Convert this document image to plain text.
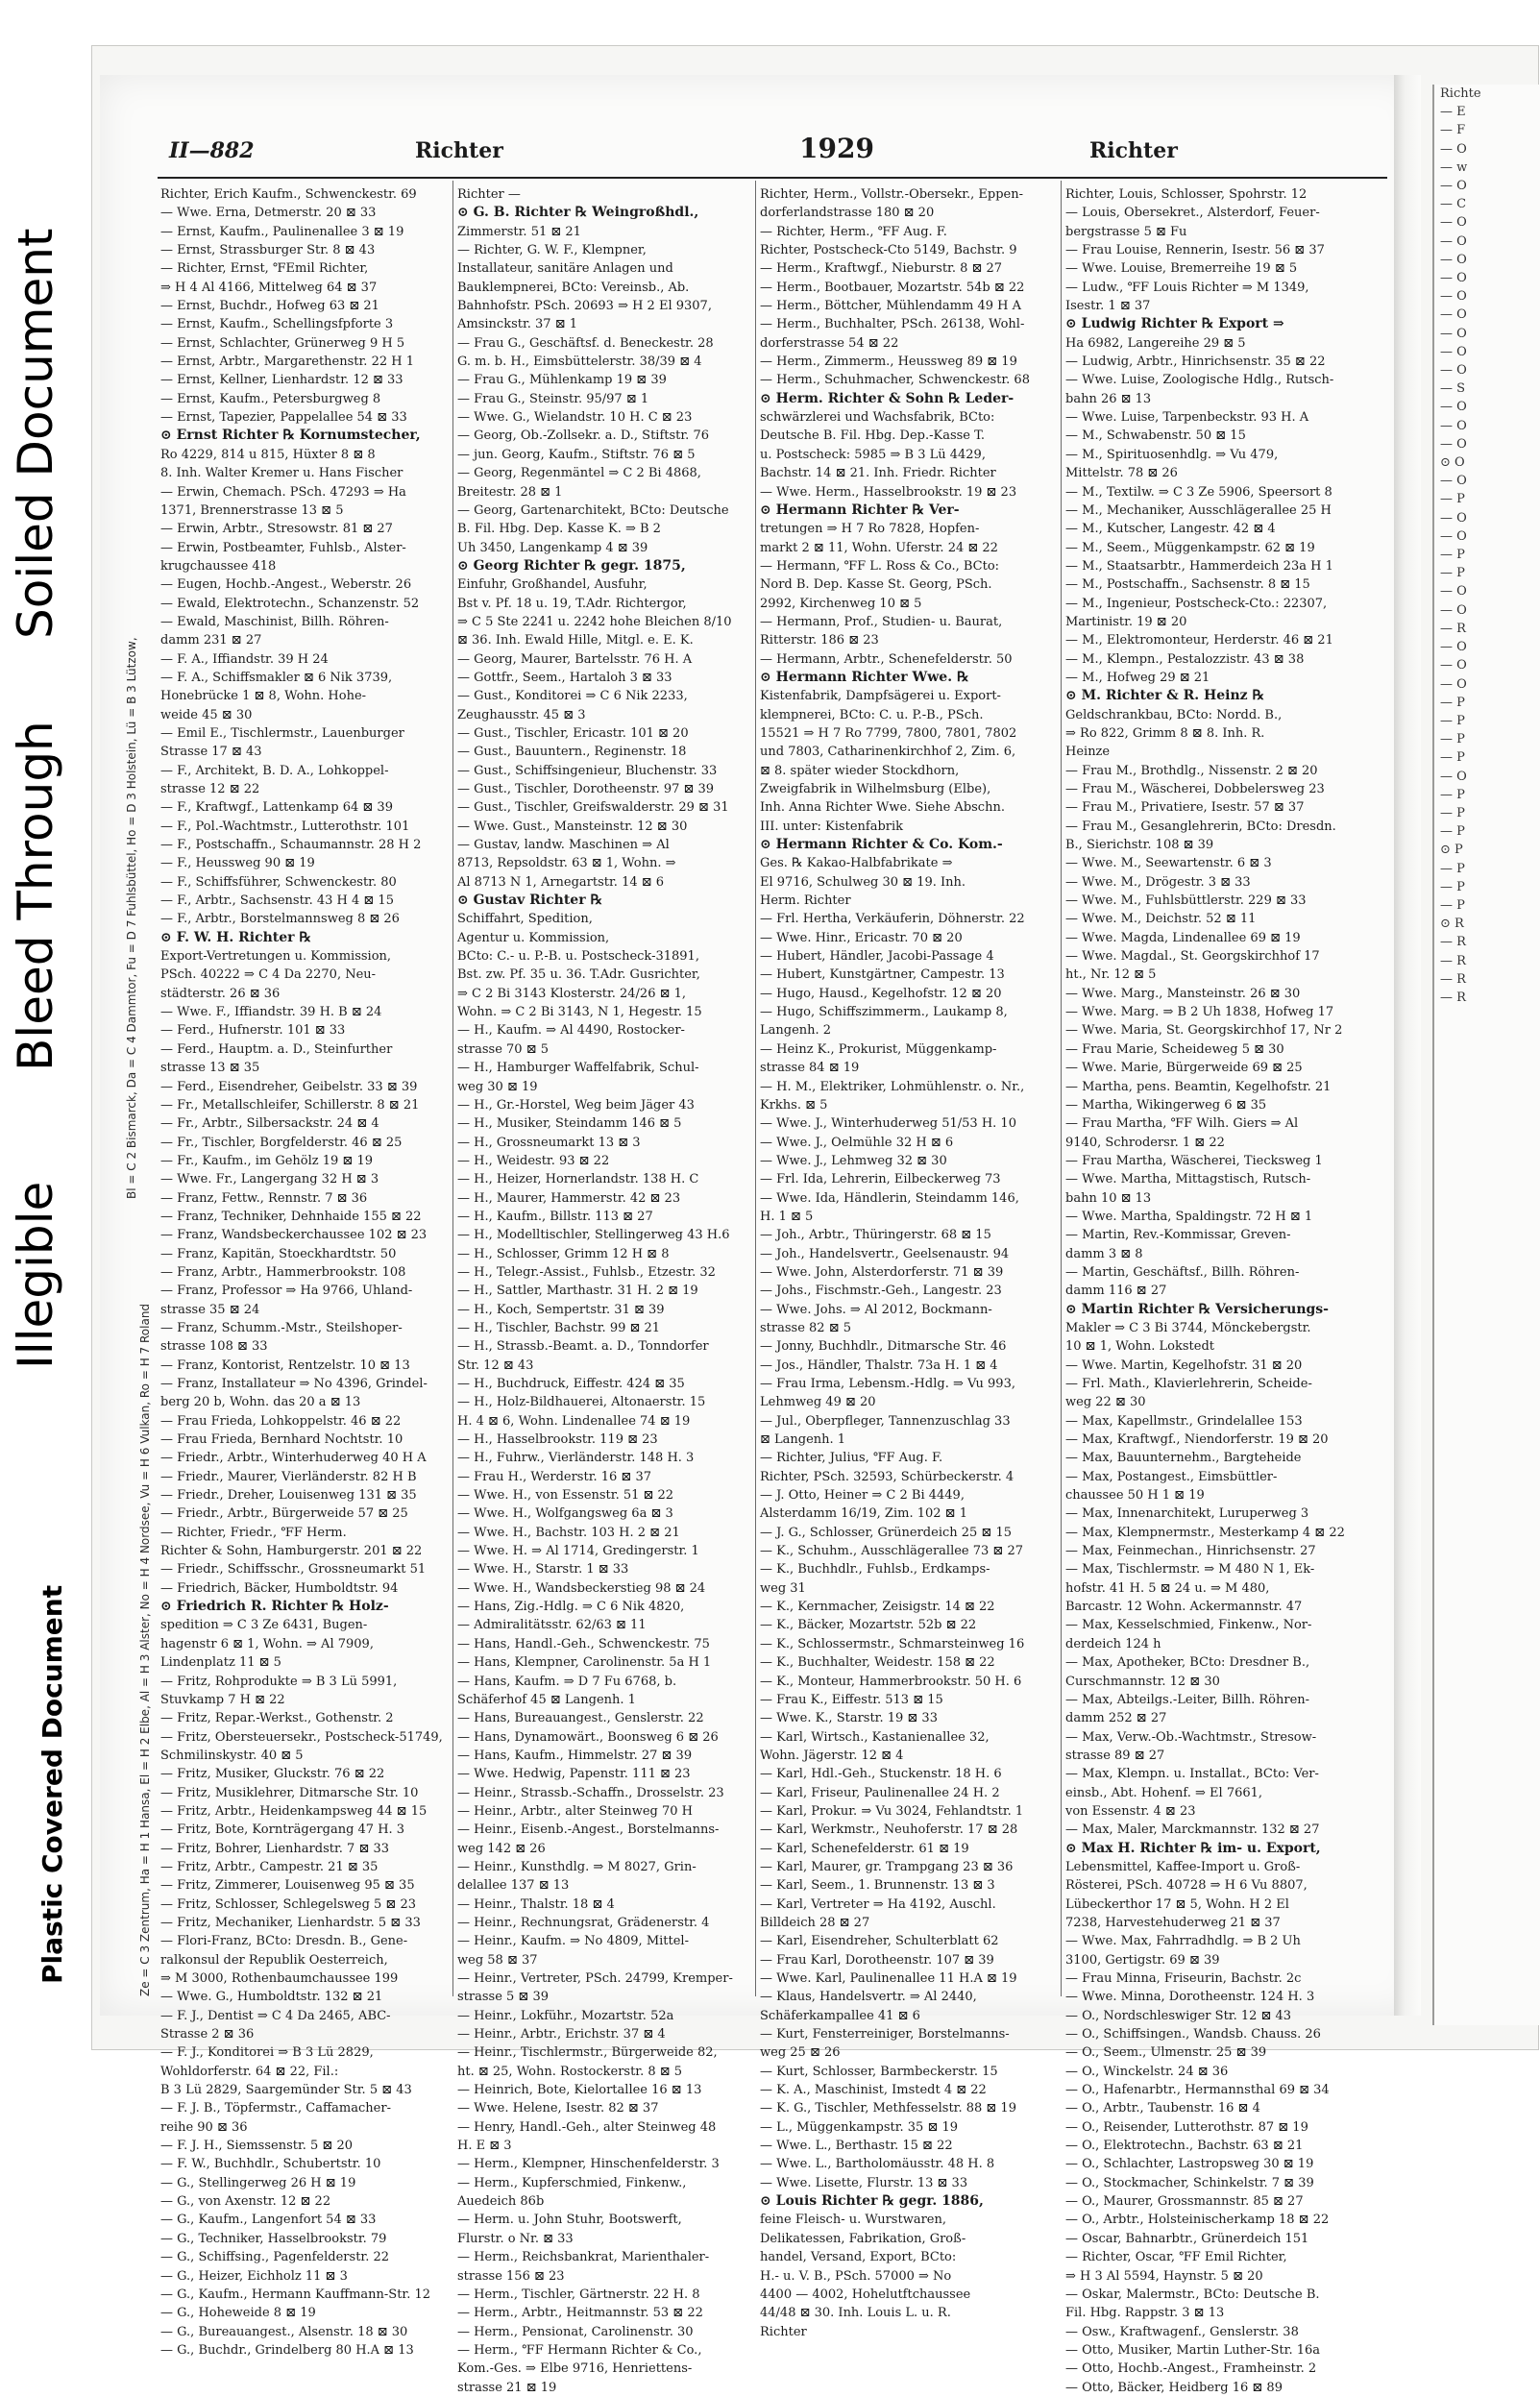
Plastic Covered Document
Illegible
Bleed Through
Soiled Document
II—882	Richter	1929	Richter
Bl = C 2 Bismarck, Da = C 4 Dammtor, Fu = D 7 Fuhlsbüttel, Ho = D 3 Holstein, Lü = B 3 Lützow,
Ze = C 3 Zentrum, Ha = H 1 Hansa, El = H 2 Elbe, Al = H 3 Alster, No = H 4 Nordsee, Vu = H 6 Vulkan, Ro = H 7 Roland
Richter, Erich Kaufm., Schwenckestr. 69
— Wwe. Erna, Detmerstr. 20 ⊠ 33
— Ernst, Kaufm., Paulinenallee 3 ⊠ 19
— Ernst, Strassburger Str. 8 ⊠ 43
— Richter, Ernst, ℉Emil Richter,
⇒ H 4 Al 4166, Mittelweg 64 ⊠ 37
— Ernst, Buchdr., Hofweg 63 ⊠ 21
— Ernst, Kaufm., Schellingsfpforte 3
— Ernst, Schlachter, Grünerweg 9 H 5
— Ernst, Arbtr., Margarethenstr. 22 H 1
— Ernst, Kellner, Lienhardstr. 12 ⊠ 33
— Ernst, Kaufm., Petersburgweg 8
— Ernst, Tapezier, Pappelallee 54 ⊠ 33
⊙ Ernst Richter ℞ Kornumstecher,
Ro 4229, 814 u 815, Hüxter 8 ⊠ 8
8. Inh. Walter Kremer u. Hans Fischer
— Erwin, Chemach. PSch. 47293 ⇒ Ha
1371, Brennerstrasse 13 ⊠ 5
— Erwin, Arbtr., Stresowstr. 81 ⊠ 27
— Erwin, Postbeamter, Fuhlsb., Alster-
krugchaussee 418
— Eugen, Hochb.-Angest., Weberstr. 26
— Ewald, Elektrotechn., Schanzenstr. 52
— Ewald, Maschinist, Billh. Röhren-
damm 231 ⊠ 27
— F. A., Iffiandstr. 39 H 24
— F. A., Schiffsmakler ⊠ 6 Nik 3739,
Honebrücke 1 ⊠ 8, Wohn. Hohe-
weide 45 ⊠ 30
— Emil E., Tischlermstr., Lauenburger
Strasse 17 ⊠ 43
— F., Architekt, B. D. A., Lohkoppel-
strasse 12 ⊠ 22
— F., Kraftwgf., Lattenkamp 64 ⊠ 39
— F., Pol.-Wachtmstr., Lutterothstr. 101
— F., Postschaffn., Schaumannstr. 28 H 2
— F., Heussweg 90 ⊠ 19
— F., Schiffsführer, Schwenckestr. 80
— F., Arbtr., Sachsenstr. 43 H 4 ⊠ 15
— F., Arbtr., Borstelmannsweg 8 ⊠ 26
⊙ F. W. H. Richter ℞
Export-Vertretungen u. Kommission,
PSch. 40222 ⇒ C 4 Da 2270, Neu-
städterstr. 26 ⊠ 36
— Wwe. F., Iffiandstr. 39 H. B ⊠ 24
— Ferd., Hufnerstr. 101 ⊠ 33
— Ferd., Hauptm. a. D., Steinfurther
strasse 13 ⊠ 35
— Ferd., Eisendreher, Geibelstr. 33 ⊠ 39
— Fr., Metallschleifer, Schillerstr. 8 ⊠ 21
— Fr., Arbtr., Silbersackstr. 24 ⊠ 4
— Fr., Tischler, Borgfelderstr. 46 ⊠ 25
— Fr., Kaufm., im Gehölz 19 ⊠ 19
— Wwe. Fr., Langergang 32 H ⊠ 3
— Franz, Fettw., Rennstr. 7 ⊠ 36
— Franz, Techniker, Dehnhaide 155 ⊠ 22
— Franz, Wandsbeckerchaussee 102 ⊠ 23
— Franz, Kapitän, Stoeckhardtstr. 50
— Franz, Arbtr., Hammerbrookstr. 108
— Franz, Professor ⇒ Ha 9766, Uhland-
strasse 35 ⊠ 24
— Franz, Schumm.-Mstr., Steilshoper-
strasse 108 ⊠ 33
— Franz, Kontorist, Rentzelstr. 10 ⊠ 13
— Franz, Installateur ⇒ No 4396, Grindel-
berg 20 b, Wohn. das 20 a ⊠ 13
— Frau Frieda, Lohkoppelstr. 46 ⊠ 22
— Frau Frieda, Bernhard Nochtstr. 10
— Friedr., Arbtr., Winterhuderweg 40 H A
— Friedr., Maurer, Vierländerstr. 82 H B
— Friedr., Dreher, Louisenweg 131 ⊠ 35
— Friedr., Arbtr., Bürgerweide 57 ⊠ 25
— Richter, Friedr., ℉F Herm.
Richter & Sohn, Hamburgerstr. 201 ⊠ 22
— Friedr., Schiffsschr., Grossneumarkt 51
— Friedrich, Bäcker, Humboldtstr. 94
⊙ Friedrich R. Richter ℞ Holz-
spedition ⇒ C 3 Ze 6431, Bugen-
hagenstr 6 ⊠ 1, Wohn. ⇒ Al 7909,
Lindenplatz 11 ⊠ 5
— Fritz, Rohprodukte ⇒ B 3 Lü 5991,
Stuvkamp 7 H ⊠ 22
— Fritz, Repar.-Werkst., Gothenstr. 2
— Fritz, Obersteuersekr., Postscheck-51749,
Schmilinskystr. 40 ⊠ 5
— Fritz, Musiker, Gluckstr. 76 ⊠ 22
— Fritz, Musiklehrer, Ditmarsche Str. 10
— Fritz, Arbtr., Heidenkampsweg 44 ⊠ 15
— Fritz, Bote, Kornträgergang 47 H. 3
— Fritz, Bohrer, Lienhardstr. 7 ⊠ 33
— Fritz, Arbtr., Campestr. 21 ⊠ 35
— Fritz, Zimmerer, Louisenweg 95 ⊠ 35
— Fritz, Schlosser, Schlegelsweg 5 ⊠ 23
— Fritz, Mechaniker, Lienhardstr. 5 ⊠ 33
— Flori-Franz, BCto: Dresdn. B., Gene-
ralkonsul der Republik Oesterreich,
⇒ M 3000, Rothenbaumchaussee 199
— Wwe. G., Humboldtstr. 132 ⊠ 21
— F. J., Dentist ⇒ C 4 Da 2465, ABC-
Strasse 2 ⊠ 36
— F. J., Konditorei ⇒ B 3 Lü 2829,
Wohldorferstr. 64 ⊠ 22, Fil.:
B 3 Lü 2829, Saargemünder Str. 5 ⊠ 43
— F. J. B., Töpfermstr., Caffamacher-
reihe 90 ⊠ 36
— F. J. H., Siemssenstr. 5 ⊠ 20
— F. W., Buchhdlr., Schubertstr. 10
— G., Stellingerweg 26 H ⊠ 19
— G., von Axenstr. 12 ⊠ 22
— G., Kaufm., Langenfort 54 ⊠ 33
— G., Techniker, Hasselbrookstr. 79
— G., Schiffsing., Pagenfelderstr. 22
— G., Heizer, Eichholz 11 ⊠ 3
— G., Kaufm., Hermann Kauffmann-Str. 12
— G., Hoheweide 8 ⊠ 19
— G., Bureauangest., Alsenstr. 18 ⊠ 30
— G., Buchdr., Grindelberg 80 H.A ⊠ 13
Richter —
⊙ G. B. Richter ℞ Weingroßhdl.,
Zimmerstr. 51 ⊠ 21
— Richter, G. W. F., Klempner,
Installateur, sanitäre Anlagen und
Bauklempnerei, BCto: Vereinsb., Ab.
Bahnhofstr. PSch. 20693 ⇒ H 2 El 9307,
Amsinckstr. 37 ⊠ 1
— Frau G., Geschäftsf. d. Beneckestr. 28
G. m. b. H., Eimsbüttelerstr. 38/39 ⊠ 4
— Frau G., Mühlenkamp 19 ⊠ 39
— Frau G., Steinstr. 95/97 ⊠ 1
— Wwe. G., Wielandstr. 10 H. C ⊠ 23
— Georg, Ob.-Zollsekr. a. D., Stiftstr. 76
— jun. Georg, Kaufm., Stiftstr. 76 ⊠ 5
— Georg, Regenmäntel ⇒ C 2 Bi 4868,
Breitestr. 28 ⊠ 1
— Georg, Gartenarchitekt, BCto: Deutsche
B. Fil. Hbg. Dep. Kasse K. ⇒ B 2
Uh 3450, Langenkamp 4 ⊠ 39
⊙ Georg Richter ℞ gegr. 1875,
Einfuhr, Großhandel, Ausfuhr,
Bst v. Pf. 18 u. 19, T.Adr. Richtergor,
⇒ C 5 Ste 2241 u. 2242 hohe Bleichen 8/10
⊠ 36. Inh. Ewald Hille, Mitgl. e. E. K.
— Georg, Maurer, Bartelsstr. 76 H. A
— Gottfr., Seem., Hartaloh 3 ⊠ 33
— Gust., Konditorei ⇒ C 6 Nik 2233,
Zeughausstr. 45 ⊠ 3
— Gust., Tischler, Ericastr. 101 ⊠ 20
— Gust., Bauuntern., Reginenstr. 18
— Gust., Schiffsingenieur, Bluchenstr. 33
— Gust., Tischler, Dorotheenstr. 97 ⊠ 39
— Gust., Tischler, Greifswalderstr. 29 ⊠ 31
— Wwe. Gust., Mansteinstr. 12 ⊠ 30
— Gustav, landw. Maschinen ⇒ Al
8713, Repsoldstr. 63 ⊠ 1, Wohn. ⇒
Al 8713 N 1, Arnegartstr. 14 ⊠ 6
⊙ Gustav Richter ℞
Schiffahrt, Spedition,
Agentur u. Kommission,
BCto: C.- u. P.-B. u. Postscheck-31891,
Bst. zw. Pf. 35 u. 36. T.Adr. Gusrichter,
⇒ C 2 Bi 3143 Klosterstr. 24/26 ⊠ 1,
Wohn. ⇒ C 2 Bi 3143, N 1, Hegestr. 15
— H., Kaufm. ⇒ Al 4490, Rostocker-
strasse 70 ⊠ 5
— H., Hamburger Waffelfabrik, Schul-
weg 30 ⊠ 19
— H., Gr.-Horstel, Weg beim Jäger 43
— H., Musiker, Steindamm 146 ⊠ 5
— H., Grossneumarkt 13 ⊠ 3
— H., Weidestr. 93 ⊠ 22
— H., Heizer, Hornerlandstr. 138 H. C
— H., Maurer, Hammerstr. 42 ⊠ 23
— H., Kaufm., Billstr. 113 ⊠ 27
— H., Modelltischler, Stellingerweg 43 H.6
— H., Schlosser, Grimm 12 H ⊠ 8
— H., Telegr.-Assist., Fuhlsb., Etzestr. 32
— H., Sattler, Marthastr. 31 H. 2 ⊠ 19
— H., Koch, Sempertstr. 31 ⊠ 39
— H., Tischler, Bachstr. 99 ⊠ 21
— H., Strassb.-Beamt. a. D., Tonndorfer
Str. 12 ⊠ 43
— H., Buchdruck, Eiffestr. 424 ⊠ 35
— H., Holz-Bildhauerei, Altonaerstr. 15
H. 4 ⊠ 6, Wohn. Lindenallee 74 ⊠ 19
— H., Hasselbrookstr. 119 ⊠ 23
— H., Fuhrw., Vierländerstr. 148 H. 3
— Frau H., Werderstr. 16 ⊠ 37
— Wwe. H., von Essenstr. 51 ⊠ 22
— Wwe. H., Wolfgangsweg 6a ⊠ 3
— Wwe. H., Bachstr. 103 H. 2 ⊠ 21
— Wwe. H. ⇒ Al 1714, Gredingerstr. 1
— Wwe. H., Starstr. 1 ⊠ 33
— Wwe. H., Wandsbeckerstieg 98 ⊠ 24
— Hans, Zig.-Hdlg. ⇒ C 6 Nik 4820,
— Admiralitätsstr. 62/63 ⊠ 11
— Hans, Handl.-Geh., Schwenckestr. 75
— Hans, Klempner, Carolinenstr. 5a H 1
— Hans, Kaufm. ⇒ D 7 Fu 6768, b.
Schäferhof 45 ⊠ Langenh. 1
— Hans, Bureauangest., Genslerstr. 22
— Hans, Dynamowärt., Boonsweg 6 ⊠ 26
— Hans, Kaufm., Himmelstr. 27 ⊠ 39
— Wwe. Hedwig, Papenstr. 111 ⊠ 23
— Heinr., Strassb.-Schaffn., Drosselstr. 23
— Heinr., Arbtr., alter Steinweg 70 H
— Heinr., Eisenb.-Angest., Borstelmanns-
weg 142 ⊠ 26
— Heinr., Kunsthdlg. ⇒ M 8027, Grin-
delallee 137 ⊠ 13
— Heinr., Thalstr. 18 ⊠ 4
— Heinr., Rechnungsrat, Grädenerstr. 4
— Heinr., Kaufm. ⇒ No 4809, Mittel-
weg 58 ⊠ 37
— Heinr., Vertreter, PSch. 24799, Kremper-
strasse 5 ⊠ 39
— Heinr., Lokführ., Mozartstr. 52a
— Heinr., Arbtr., Erichstr. 37 ⊠ 4
— Heinr., Tischlermstr., Bürgerweide 82,
ht. ⊠ 25, Wohn. Rostockerstr. 8 ⊠ 5
— Heinrich, Bote, Kielortallee 16 ⊠ 13
— Wwe. Helene, Isestr. 82 ⊠ 37
— Henry, Handl.-Geh., alter Steinweg 48
H. E ⊠ 3
— Herm., Klempner, Hinschenfelderstr. 3
— Herm., Kupferschmied, Finkenw.,
Auedeich 86b
— Herm. u. John Stuhr, Bootswerft,
Flurstr. o Nr. ⊠ 33
— Herm., Reichsbankrat, Marienthaler-
strasse 156 ⊠ 23
— Herm., Tischler, Gärtnerstr. 22 H. 8
— Herm., Arbtr., Heitmannstr. 53 ⊠ 22
— Herm., Pensionat, Carolinenstr. 30
— Herm., ℉F Hermann Richter & Co.,
Kom.-Ges. ⇒ Elbe 9716, Henriettens-
strasse 21 ⊠ 19
Richter, Herm., Vollstr.-Obersekr., Eppen-
dorferlandstrasse 180 ⊠ 20
— Richter, Herm., ℉F Aug. F.
Richter, Postscheck-Cto 5149, Bachstr. 9
— Herm., Kraftwgf., Nieburstr. 8 ⊠ 27
— Herm., Bootbauer, Mozartstr. 54b ⊠ 22
— Herm., Böttcher, Mühlendamm 49 H A
— Herm., Buchhalter, PSch. 26138, Wohl-
dorferstrasse 54 ⊠ 22
— Herm., Zimmerm., Heussweg 89 ⊠ 19
— Herm., Schuhmacher, Schwenckestr. 68
⊙ Herm. Richter & Sohn ℞ Leder-
schwärzlerei und Wachsfabrik, BCto:
Deutsche B. Fil. Hbg. Dep.-Kasse T.
u. Postscheck: 5985 ⇒ B 3 Lü 4429,
Bachstr. 14 ⊠ 21. Inh. Friedr. Richter
— Wwe. Herm., Hasselbrookstr. 19 ⊠ 23
⊙ Hermann Richter ℞ Ver-
tretungen ⇒ H 7 Ro 7828, Hopfen-
markt 2 ⊠ 11, Wohn. Uferstr. 24 ⊠ 22
— Hermann, ℉F L. Ross & Co., BCto:
Nord B. Dep. Kasse St. Georg, PSch.
2992, Kirchenweg 10 ⊠ 5
— Hermann, Prof., Studien- u. Baurat,
Ritterstr. 186 ⊠ 23
— Hermann, Arbtr., Schenefelderstr. 50
⊙ Hermann Richter Wwe. ℞
Kistenfabrik, Dampfsägerei u. Export-
klempnerei, BCto: C. u. P.-B., PSch.
15521 ⇒ H 7 Ro 7799, 7800, 7801, 7802
und 7803, Catharinenkirchhof 2, Zim. 6,
⊠ 8. später wieder Stockdhorn,
Zweigfabrik in Wilhelmsburg (Elbe),
Inh. Anna Richter Wwe. Siehe Abschn.
III. unter: Kistenfabrik
⊙ Hermann Richter & Co. Kom.-
Ges. ℞ Kakao-Halbfabrikate ⇒
El 9716, Schulweg 30 ⊠ 19. Inh.
Herm. Richter
— Frl. Hertha, Verkäuferin, Döhnerstr. 22
— Wwe. Hinr., Ericastr. 70 ⊠ 20
— Hubert, Händler, Jacobi-Passage 4
— Hubert, Kunstgärtner, Campestr. 13
— Hugo, Hausd., Kegelhofstr. 12 ⊠ 20
— Hugo, Schiffszimmerm., Laukamp 8,
Langenh. 2
— Heinz K., Prokurist, Müggenkamp-
strasse 84 ⊠ 19
— H. M., Elektriker, Lohmühlenstr. o. Nr.,
Krkhs. ⊠ 5
— Wwe. J., Winterhuderweg 51/53 H. 10
— Wwe. J., Oelmühle 32 H ⊠ 6
— Wwe. J., Lehmweg 32 ⊠ 30
— Frl. Ida, Lehrerin, Eilbeckerweg 73
— Wwe. Ida, Händlerin, Steindamm 146,
H. 1 ⊠ 5
— Joh., Arbtr., Thüringerstr. 68 ⊠ 15
— Joh., Handelsvertr., Geelsenaustr. 94
— Wwe. John, Alsterdorferstr. 71 ⊠ 39
— Johs., Fischmstr.-Geh., Langestr. 23
— Wwe. Johs. ⇒ Al 2012, Bockmann-
strasse 82 ⊠ 5
— Jonny, Buchhdlr., Ditmarsche Str. 46
— Jos., Händler, Thalstr. 73a H. 1 ⊠ 4
— Frau Irma, Lebensm.-Hdlg. ⇒ Vu 993,
Lehmweg 49 ⊠ 20
— Jul., Oberpfleger, Tannenzuschlag 33
⊠ Langenh. 1
— Richter, Julius, ℉F Aug. F.
Richter, PSch. 32593, Schürbeckerstr. 4
— J. Otto, Heiner ⇒ C 2 Bi 4449,
Alsterdamm 16/19, Zim. 102 ⊠ 1
— J. G., Schlosser, Grünerdeich 25 ⊠ 15
— K., Schuhm., Ausschlägerallee 73 ⊠ 27
— K., Buchhdlr., Fuhlsb., Erdkamps-
weg 31
— K., Kernmacher, Zeisigstr. 14 ⊠ 22
— K., Bäcker, Mozartstr. 52b ⊠ 22
— K., Schlossermstr., Schmarsteinweg 16
— K., Buchhalter, Weidestr. 158 ⊠ 22
— K., Monteur, Hammerbrookstr. 50 H. 6
— Frau K., Eiffestr. 513 ⊠ 15
— Wwe. K., Starstr. 19 ⊠ 33
— Karl, Wirtsch., Kastanienallee 32,
Wohn. Jägerstr. 12 ⊠ 4
— Karl, Hdl.-Geh., Stuckenstr. 18 H. 6
— Karl, Friseur, Paulinenallee 24 H. 2
— Karl, Prokur. ⇒ Vu 3024, Fehlandtstr. 1
— Karl, Werkmstr., Neuhoferstr. 17 ⊠ 28
— Karl, Schenefelderstr. 61 ⊠ 19
— Karl, Maurer, gr. Trampgang 23 ⊠ 36
— Karl, Seem., 1. Brunnenstr. 13 ⊠ 3
— Karl, Vertreter ⇒ Ha 4192, Auschl.
Billdeich 28 ⊠ 27
— Karl, Eisendreher, Schulterblatt 62
— Frau Karl, Dorotheenstr. 107 ⊠ 39
— Wwe. Karl, Paulinenallee 11 H.A ⊠ 19
— Klaus, Handelsvertr. ⇒ Al 2440,
Schäferkampallee 41 ⊠ 6
— Kurt, Fensterreiniger, Borstelmanns-
weg 25 ⊠ 26
— Kurt, Schlosser, Barmbeckerstr. 15
— K. A., Maschinist, Imstedt 4 ⊠ 22
— K. G., Tischler, Methfesselstr. 88 ⊠ 19
— L., Müggenkampstr. 35 ⊠ 19
— Wwe. L., Berthastr. 15 ⊠ 22
— Wwe. L., Bartholomäusstr. 48 H. 8
— Wwe. Lisette, Flurstr. 13 ⊠ 33
⊙ Louis Richter ℞ gegr. 1886,
feine Fleisch- u. Wurstwaren,
Delikatessen, Fabrikation, Groß-
handel, Versand, Export, BCto:
H.- u. V. B., PSch. 57000 ⇒ No
4400 — 4002, Hohelutftchaussee
44/48 ⊠ 30. Inh. Louis L. u. R.
Richter
Richter, Louis, Schlosser, Spohrstr. 12
— Louis, Obersekret., Alsterdorf, Feuer-
bergstrasse 5 ⊠ Fu
— Frau Louise, Rennerin, Isestr. 56 ⊠ 37
— Wwe. Louise, Bremerreihe 19 ⊠ 5
— Ludw., ℉F Louis Richter ⇒ M 1349,
Isestr. 1 ⊠ 37
⊙ Ludwig Richter ℞ Export ⇒
Ha 6982, Langereihe 29 ⊠ 5
— Ludwig, Arbtr., Hinrichsenstr. 35 ⊠ 22
— Wwe. Luise, Zoologische Hdlg., Rutsch-
bahn 26 ⊠ 13
— Wwe. Luise, Tarpenbeckstr. 93 H. A
— M., Schwabenstr. 50 ⊠ 15
— M., Spirituosenhdlg. ⇒ Vu 479,
Mittelstr. 78 ⊠ 26
— M., Textilw. ⇒ C 3 Ze 5906, Speersort 8
— M., Mechaniker, Ausschlägerallee 25 H
— M., Kutscher, Langestr. 42 ⊠ 4
— M., Seem., Müggenkampstr. 62 ⊠ 19
— M., Staatsarbtr., Hammerdeich 23a H 1
— M., Postschaffn., Sachsenstr. 8 ⊠ 15
— M., Ingenieur, Postscheck-Cto.: 22307,
Martinistr. 19 ⊠ 20
— M., Elektromonteur, Herderstr. 46 ⊠ 21
— M., Klempn., Pestalozzistr. 43 ⊠ 38
— M., Hofweg 29 ⊠ 21
⊙ M. Richter & R. Heinz ℞
Geldschrankbau, BCto: Nordd. B.,
⇒ Ro 822, Grimm 8 ⊠ 8. Inh. R.
Heinze
— Frau M., Brothdlg., Nissenstr. 2 ⊠ 20
— Frau M., Wäscherei, Dobbelersweg 23
— Frau M., Privatiere, Isestr. 57 ⊠ 37
— Frau M., Gesanglehrerin, BCto: Dresdn.
B., Sierichstr. 108 ⊠ 39
— Wwe. M., Seewartenstr. 6 ⊠ 3
— Wwe. M., Drögestr. 3 ⊠ 33
— Wwe. M., Fuhlsbüttlerstr. 229 ⊠ 33
— Wwe. M., Deichstr. 52 ⊠ 11
— Wwe. Magda, Lindenallee 69 ⊠ 19
— Wwe. Magdal., St. Georgskirchhof 17
ht., Nr. 12 ⊠ 5
— Wwe. Marg., Mansteinstr. 26 ⊠ 30
— Wwe. Marg. ⇒ B 2 Uh 1838, Hofweg 17
— Wwe. Maria, St. Georgskirchhof 17, Nr 2
— Frau Marie, Scheideweg 5 ⊠ 30
— Wwe. Marie, Bürgerweide 69 ⊠ 25
— Martha, pens. Beamtin, Kegelhofstr. 21
— Martha, Wikingerweg 6 ⊠ 35
— Frau Martha, ℉F Wilh. Giers ⇒ Al
9140, Schrodersr. 1 ⊠ 22
— Frau Martha, Wäscherei, Tiecksweg 1
— Wwe. Martha, Mittagstisch, Rutsch-
bahn 10 ⊠ 13
— Wwe. Martha, Spaldingstr. 72 H ⊠ 1
— Martin, Rev.-Kommissar, Greven-
damm 3 ⊠ 8
— Martin, Geschäftsf., Billh. Röhren-
damm 116 ⊠ 27
⊙ Martin Richter ℞ Versicherungs-
Makler ⇒ C 3 Bi 3744, Mönckebergstr.
10 ⊠ 1, Wohn. Lokstedt
— Wwe. Martin, Kegelhofstr. 31 ⊠ 20
— Frl. Math., Klavierlehrerin, Scheide-
weg 22 ⊠ 30
— Max, Kapellmstr., Grindelallee 153
— Max, Kraftwgf., Niendorferstr. 19 ⊠ 20
— Max, Bauunternehm., Bargteheide
— Max, Postangest., Eimsbüttler-
chaussee 50 H 1 ⊠ 19
— Max, Innenarchitekt, Luruperweg 3
— Max, Klempnermstr., Mesterkamp 4 ⊠ 22
— Max, Feinmechan., Hinrichsenstr. 27
— Max, Tischlermstr. ⇒ M 480 N 1, Ek-
hofstr. 41 H. 5 ⊠ 24 u. ⇒ M 480,
Barcastr. 12 Wohn. Ackermannstr. 47
— Max, Kesselschmied, Finkenw., Nor-
derdeich 124 h
— Max, Apotheker, BCto: Dresdner B.,
Curschmannstr. 12 ⊠ 30
— Max, Abteilgs.-Leiter, Billh. Röhren-
damm 252 ⊠ 27
— Max, Verw.-Ob.-Wachtmstr., Stresow-
strasse 89 ⊠ 27
— Max, Klempn. u. Installat., BCto: Ver-
einsb., Abt. Hohenf. ⇒ El 7661,
von Essenstr. 4 ⊠ 23
— Max, Maler, Marckmannstr. 132 ⊠ 27
⊙ Max H. Richter ℞ im- u. Export,
Lebensmittel, Kaffee-Import u. Groß-
Rösterei, PSch. 40728 ⇒ H 6 Vu 8807,
Lübeckerthor 17 ⊠ 5, Wohn. H 2 El
7238, Harvestehuderweg 21 ⊠ 37
— Wwe. Max, Fahrradhdlg. ⇒ B 2 Uh
3100, Gertigstr. 69 ⊠ 39
— Frau Minna, Friseurin, Bachstr. 2c
— Wwe. Minna, Dorotheenstr. 124 H. 3
— O., Nordschleswiger Str. 12 ⊠ 43
— O., Schiffsingen., Wandsb. Chauss. 26
— O., Seem., Ulmenstr. 25 ⊠ 39
— O., Winckelstr. 24 ⊠ 36
— O., Hafenarbtr., Hermannsthal 69 ⊠ 34
— O., Arbtr., Taubenstr. 16 ⊠ 4
— O., Reisender, Lutterothstr. 87 ⊠ 19
— O., Elektrotechn., Bachstr. 63 ⊠ 21
— O., Schlachter, Lastropsweg 30 ⊠ 19
— O., Stockmacher, Schinkelstr. 7 ⊠ 39
— O., Maurer, Grossmannstr. 85 ⊠ 27
— O., Arbtr., Holsteinischerkamp 18 ⊠ 22
— Oscar, Bahnarbtr., Grünerdeich 151
— Richter, Oscar, ℉F Emil Richter,
⇒ H 3 Al 5594, Haynstr. 5 ⊠ 20
— Oskar, Malermstr., BCto: Deutsche B.
Fil. Hbg. Rappstr. 3 ⊠ 13
— Osw., Kraftwagenf., Genslerstr. 38
— Otto, Musiker, Martin Luther-Str. 16a
— Otto, Hochb.-Angest., Framheinstr. 2
— Otto, Bäcker, Heidberg 16 ⊠ 89
Richte
— E
— F
— O
— w
— O
— C
— O
— O
— O
— O
— O
— O
— O
— O
— O
— S
— O
— O
— O
⊙ O
— O
— P
— O
— O
— P
— P
— O
— O
— R
— O
— O
— O
— P
— P
— P
— P
— O
— P
— P
— P
⊙ P
— P
— P
— P
⊙ R
— R
— R
— R
— R
